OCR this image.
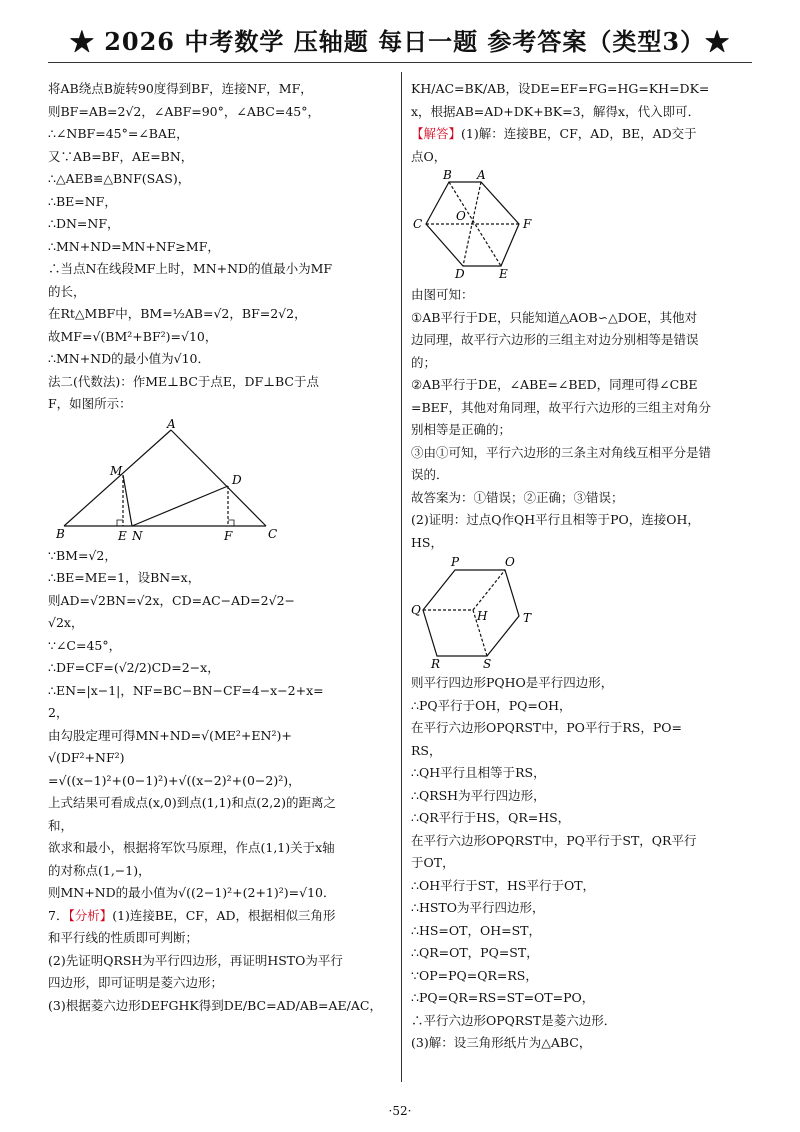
★ 2026 中考数学 压轴题 每日一题 参考答案（类型3）★
将AB绕点B旋转90度得到BF，连接NF，MF，
则BF=AB=2√2，∠ABF=90°，∠ABC=45°，
∴∠NBF=45°=∠BAE，
又∵AB=BF，AE=BN，
∴△AEB≌△BNF(SAS)，
∴BE=NF，
∴DN=NF，
∴MN+ND=MN+NF≥MF，
∴当点N在线段MF上时，MN+ND的值最小为MF
的长，
在Rt△MBF中，BM=½AB=√2，BF=2√2，
故MF=√(BM²+BF²)=√10，
∴MN+ND的最小值为√10．
法二(代数法)：作ME⊥BC于点E，DF⊥BC于点
F，如图所示：
A
M
D
B	E N	F	C
∵BM=√2，
∴BE=ME=1，设BN=x，
则AD=√2BN=√2x，CD=AC−AD=2√2−
√2x，
∵∠C=45°，
∴DF=CF=(√2/2)CD=2−x，
∴EN=|x−1|，NF=BC−BN−CF=4−x−2+x=
2，
由勾股定理可得MN+ND=√(ME²+EN²)+
√(DF²+NF²)
=√((x−1)²+(0−1)²)+√((x−2)²+(0−2)²)，
上式结果可看成点(x,0)到点(1,1)和点(2,2)的距离之
和，
欲求和最小，根据将军饮马原理，作点(1,1)关于x轴
的对称点(1,−1)，
则MN+ND的最小值为√((2−1)²+(2+1)²)=√10．
7．【分析】(1)连接BE，CF，AD，根据相似三角形
和平行线的性质即可判断；
(2)先证明QRSH为平行四边形，再证明HSTO为平行
四边形，即可证明是菱六边形；
(3)根据菱六边形DEFGHK得到DE/BC=AD/AB=AE/AC，
KH/AC=BK/AB，设DE=EF=FG=HG=KH=DK=
x，根据AB=AD+DK+BK=3，解得x，代入即可．
【解答】(1)解：连接BE，CF，AD，BE，AD交于
点O，
B A
C
O
F
D	E
由图可知：
①AB平行于DE，只能知道△AOB∽△DOE，其他对
边同理，故平行六边形的三组主对边分别相等是错误
的；
②AB平行于DE，∠ABE=∠BED，同理可得∠CBE
=BEF，其他对角同理，故平行六边形的三组主对角分
别相等是正确的；
③由①可知，平行六边形的三条主对角线互相平分是错
误的．
故答案为：①错误；②正确；③错误；
(2)证明：过点Q作QH平行且相等于PO，连接OH，
HS，
P	O
Q	H	T
R	S
则平行四边形PQHO是平行四边形，
∴PQ平行于OH，PQ=OH，
在平行六边形OPQRST中，PO平行于RS，PO=
RS，
∴QH平行且相等于RS，
∴QRSH为平行四边形，
∴QR平行于HS，QR=HS，
在平行六边形OPQRST中，PQ平行于ST，QR平行
于OT，
∴OH平行于ST，HS平行于OT，
∴HSTO为平行四边形，
∴HS=OT，OH=ST，
∴QR=OT，PQ=ST，
∵OP=PQ=QR=RS，
∴PQ=QR=RS=ST=OT=PO，
∴平行六边形OPQRST是菱六边形．
(3)解：设三角形纸片为△ABC，
·52·
